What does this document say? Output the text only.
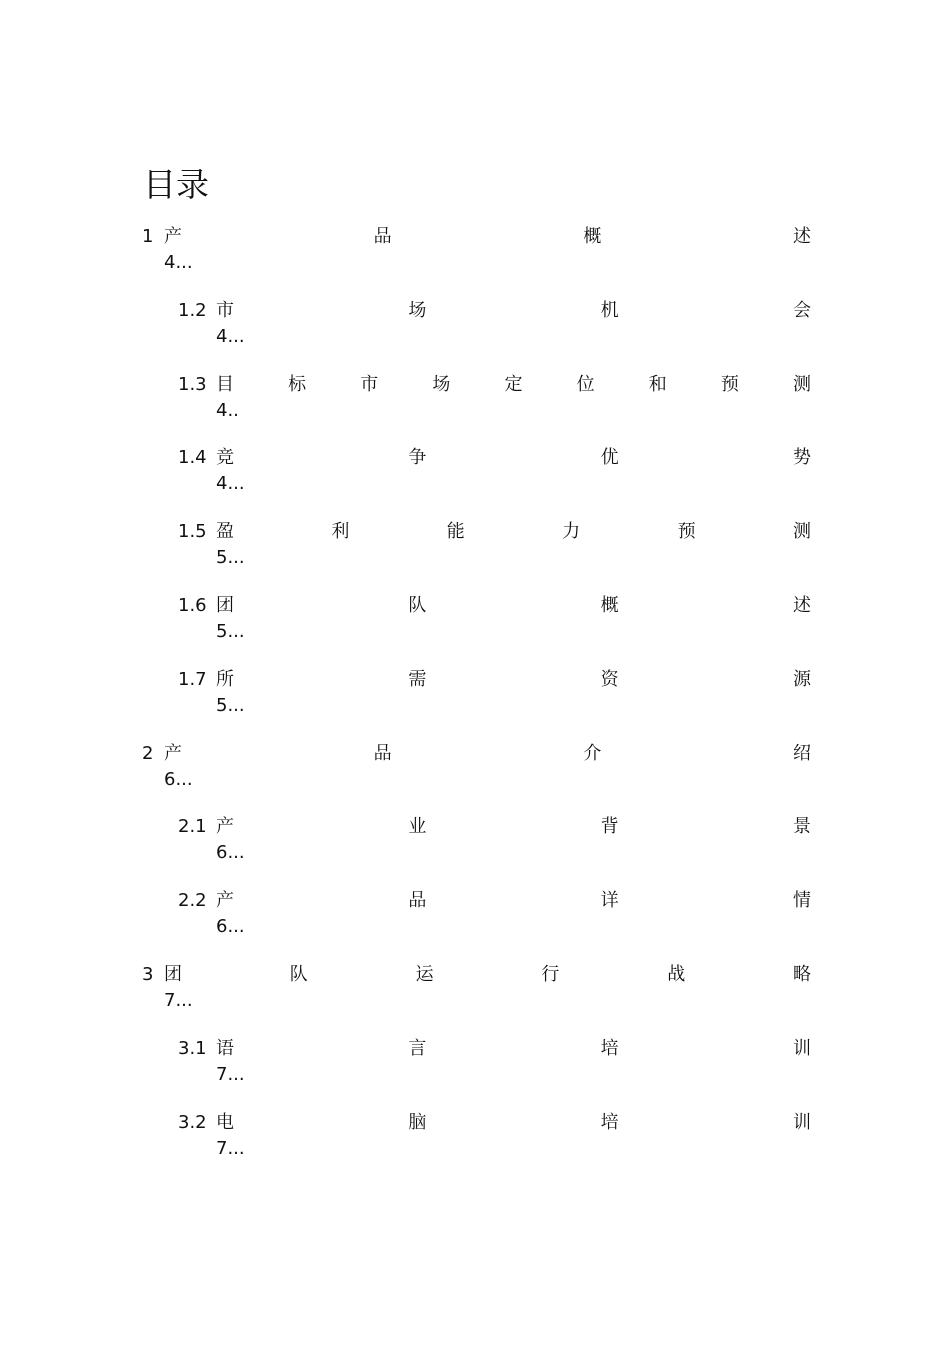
目录
1 产	品	概	述
4...
1.2 市	场	机	会
4...
1.3 目	标	市	场	定	位	和	预	测
4..
1.4 竞	争	优	势
4...
1.5 盈	利	能	力	预	测
5...
1.6 团	队	概	述
5...
1.7 所	需	资	源
5...
2 产	品	介	绍
6...
2.1 产	业	背	景
6...
2.2 产	品	详	情
6...
3 团	队	运	行	战	略
7...
3.1 语	言	培	训
7...
3.2 电	脑	培	训
7...
